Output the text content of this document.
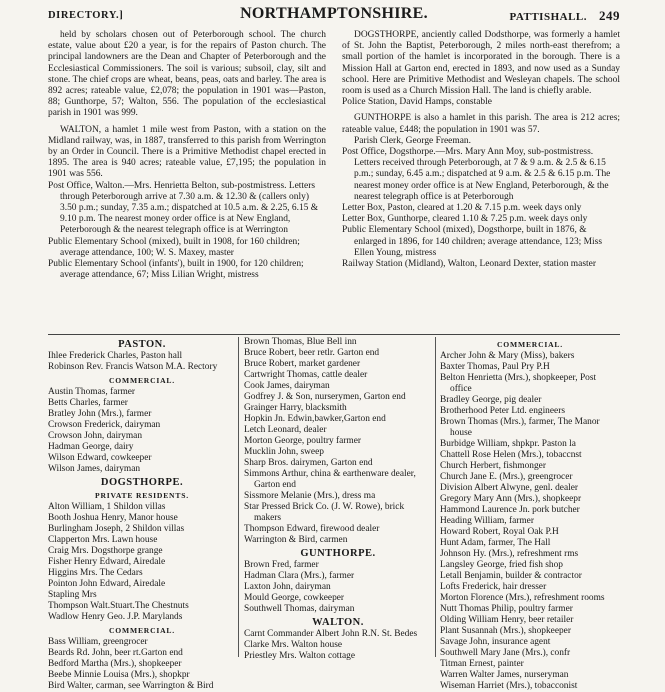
DIRECTORY.]	NORTHAMPTONSHIRE.	PATTISHALL. 249

held by scholars chosen out of Peterborough school. The church estate, value about £20 a year, is for the repairs of Paston church. The principal landowners are the Dean and Chapter of Peterborough and the Ecclesiastical Commissioners. The soil is various; subsoil, clay, silt and stone. The chief crops are wheat, beans, peas, oats and barley. The area is 892 acres; rateable value, £2,078; the population in 1901 was—Paston, 88; Gunthorpe, 57; Walton, 556. The population of the ecclesiastical parish in 1901 was 999.

WALTON, a hamlet 1 mile west from Paston, with a station on the Midland railway, was, in 1887, transferred to this parish from Werrington by an Order in Council. There is a Primitive Methodist chapel erected in 1895. The area is 940 acres; rateable value, £7,195; the population in 1901 was 556.

Post Office, Walton.—Mrs. Henrietta Belton, sub-postmistress. Letters through Peterborough arrive at 7.30 a.m. & 12.30 & (callers only) 3.50 p.m.; sunday, 7.35 a.m.; dispatched at 10.5 a.m. & 2.25, 6.15 & 9.10 p.m. The nearest money order office is at New England, Peterborough & the nearest telegraph office is at Werrington
Public Elementary School (mixed), built in 1908, for 160 children; average attendance, 100; W. S. Maxey, master
Public Elementary School (infants'), built in 1900, for 120 children; average attendance, 67; Miss Lilian Wright, mistress

DOGSTHORPE, anciently called Dodsthorpe, was formerly a hamlet of St. John the Baptist, Peterborough, 2 miles north-east therefrom; a small portion of the hamlet is incorporated in the borough. There is a Mission Hall at Garton end, erected in 1893, and now used as a Sunday school. Here are Primitive Methodist and Wesleyan chapels. The school room is used as a Church Mission Hall. The land is chiefly arable.

Police Station, David Hamps, constable

GUNTHORPE is also a hamlet in this parish. The area is 212 acres; rateable value, £448; the population in 1901 was 57.

Parish Clerk, George Freeman.

Post Office, Dogsthorpe.—Mrs. Mary Ann Moy, sub-postmistress. Letters received through Peterborough, at 7 & 9 a.m. & 2.5 & 6.15 p.m.; sunday, 6.45 a.m.; dispatched at 9 a.m. & 2.5 & 6.15 p.m. The nearest money order office is at New England, Peterborough, & the nearest telegraph office is at Peterborough
Letter Box, Paston, cleared at 1.20 & 7.15 p.m. week days only
Letter Box, Gunthorpe, cleared 1.10 & 7.25 p.m. week days only
Public Elementary School (mixed), Dogsthorpe, built in 1876, & enlarged in 1896, for 140 children; average attendance, 123; Miss Ellen Young, mistress
Railway Station (Midland), Walton, Leonard Dexter, station master
PASTON.
Ihlee Frederick Charles, Paston hall
Robinson Rev. Francis Watson M.A. Rectory
COMMERCIAL.
Austin Thomas, farmer
Betts Charles, farmer
Bratley John (Mrs.), farmer
Crowson Frederick, dairyman
Crowson John, dairyman
Hadman George, dairy
Wilson Edward, cowkeeper
Wilson James, dairyman
DOGSTHORPE.
PRIVATE RESIDENTS.
Alton William, 1 Shildon villas
Booth Joshua Henry, Manor house
Burlingham Joseph, 2 Shildon villas
Clapperton Mrs. Lawn house
Craig Mrs. Dogsthorpe grange
Fisher Henry Edward, Airedale
Higgins Mrs. The Cedars
Pointon John Edward, Airedale
Stapling Mrs
Thompson Walt.Stuart.The Chestnuts
Wadlow Henry Geo. J.P. Marylands
COMMERCIAL.
Bass William, greengrocer
Beards Rd. John, beer rt.Garton end
Bedford Martha (Mrs.), shopkeeper
Beebe Minnie Louisa (Mrs.), shopkpr
Bird Walter, carman, see Warrington & Bird
Brown Thomas, Blue Bell inn
Bruce Robert, beer retlr. Garton end
Bruce Robert, market gardener
Cartwright Thomas, cattle dealer
Cook James, dairyman
Godfrey J. & Son, nurserymen, Garton end
Grainger Harry, blacksmith
Hopkin Jn. Edwin,bawker,Garton end
Letch Leonard, dealer
Morton George, poultry farmer
Mucklin John, sweep
Sharp Bros. dairymen, Garton end
Simmons Arthur, china & earthenware dealer, Garton end
Sissmore Melanie (Mrs.), dress ma
Star Pressed Brick Co. (J. W. Rowe), brick makers
Thompson Edward, firewood dealer
Warrington & Bird, carmen
GUNTHORPE.
Brown Fred, farmer
Hadman Clara (Mrs.), farmer
Laxton John, dairyman
Mould George, cowkeeper
Southwell Thomas, dairyman
WALTON.
Carnt Commander Albert John R.N. St. Bedes
Clarke Mrs. Walton house
Priestley Mrs. Walton cottage
COMMERCIAL.
Archer John & Mary (Miss), bakers
Baxter Thomas, Paul Pry P.H
Belton Henrietta (Mrs.), shopkeeper, Post office
Bradley George, pig dealer
Brotherhood Peter Ltd. engineers
Brown Thomas (Mrs.), farmer, The Manor house
Burbidge William, shpkpr. Paston la
Chattell Rose Helen (Mrs.), tobaccnst
Church Herbert, fishmonger
Church Jane E. (Mrs.), greengrocer
Division Albert Alwyne, genl. dealer
Gregory Mary Ann (Mrs.), shopkeepr
Hammond Laurence Jn. pork butcher
Heading William, farmer
Howard Robert, Royal Oak P.H
Hunt Adam, farmer, The Hall
Johnson Hy. (Mrs.), refreshment rms
Langsley George, fried fish shop
Letall Benjamin, builder & contractor
Lofts Frederick, hair dresser
Morton Florence (Mrs.), refreshment rooms
Nutt Thomas Philip, poultry farmer
Olding William Henry, beer retailer
Plant Susannah (Mrs.), shopkeeper
Savage John, insurance agent
Southwell Mary Jane (Mrs.), confr
Titman Ernest, painter
Warren Walter James, nurseryman
Wiseman Harriet (Mrs.), tobacconist
